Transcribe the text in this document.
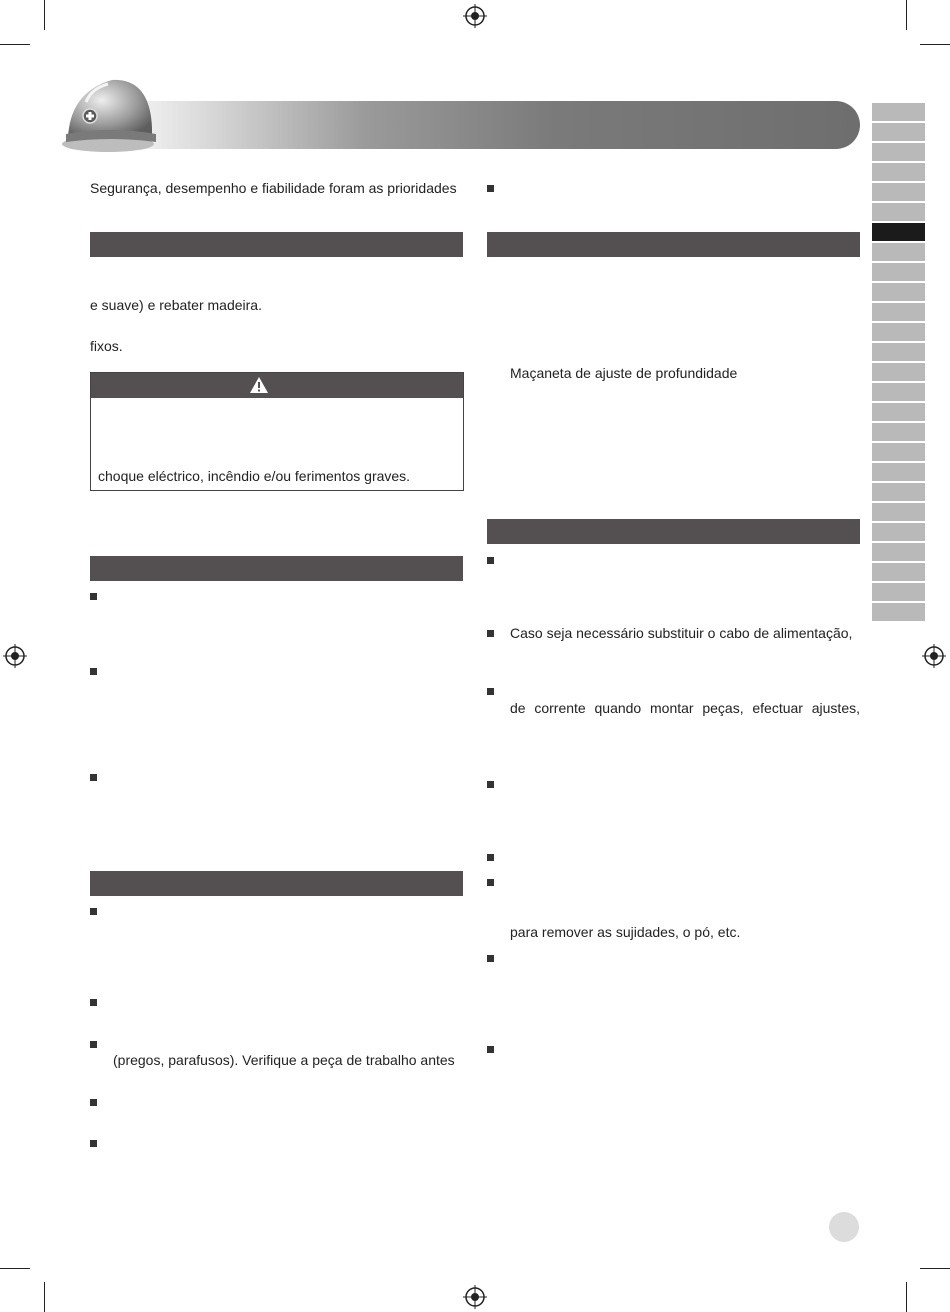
Segurança, desempenho e fiabilidade foram as prioridades
e suave) e rebater madeira.
fixos.
choque eléctrico, incêndio e/ou ferimentos graves.
(pregos, parafusos). Verifique a peça de trabalho antes
Maçaneta de ajuste de profundidade
Caso seja necessário substituir o cabo de alimentação,
de corrente quando montar peças, efectuar ajustes,
para remover as sujidades, o pó, etc.
